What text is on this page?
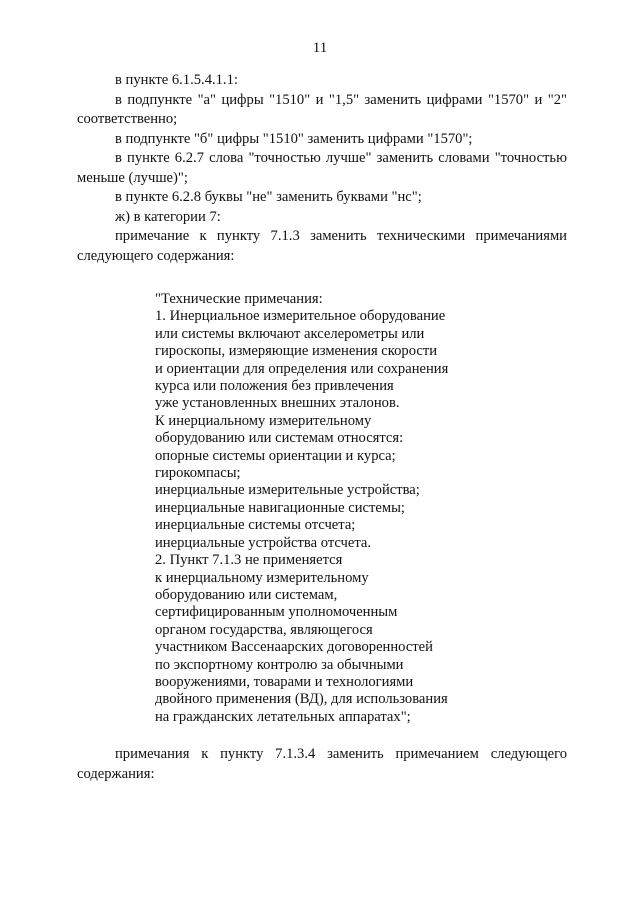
11

в пункте 6.1.5.4.1.1:

в подпункте "а" цифры "1510" и "1,5" заменить цифрами "1570" и "2" соответственно;

в подпункте "б" цифры "1510" заменить цифрами "1570";

в пункте 6.2.7 слова "точностью лучше" заменить словами "точностью меньше (лучше)";

в пункте 6.2.8 буквы "не" заменить буквами "нс";

ж) в категории 7:

примечание к пункту 7.1.3 заменить техническими примечаниями следующего содержания:

"Технические примечания:

1. Инерциальное измерительное оборудование

или системы включают акселерометры или

гироскопы, измеряющие изменения скорости

и ориентации для определения или сохранения

курса или положения без привлечения

уже установленных внешних эталонов.

К инерциальному измерительному

оборудованию или системам относятся:

опорные системы ориентации и курса;

гирокомпасы;

инерциальные измерительные устройства;

инерциальные навигационные системы;

инерциальные системы отсчета;

инерциальные устройства отсчета.

2. Пункт 7.1.3 не применяется

к инерциальному измерительному

оборудованию или системам,

сертифицированным уполномоченным

органом государства, являющегося

участником Вассенаарских договоренностей

по экспортному контролю за обычными

вооружениями, товарами и технологиями

двойного применения (ВД), для использования

на гражданских летательных аппаратах";

примечания к пункту 7.1.3.4 заменить примечанием следующего содержания:
